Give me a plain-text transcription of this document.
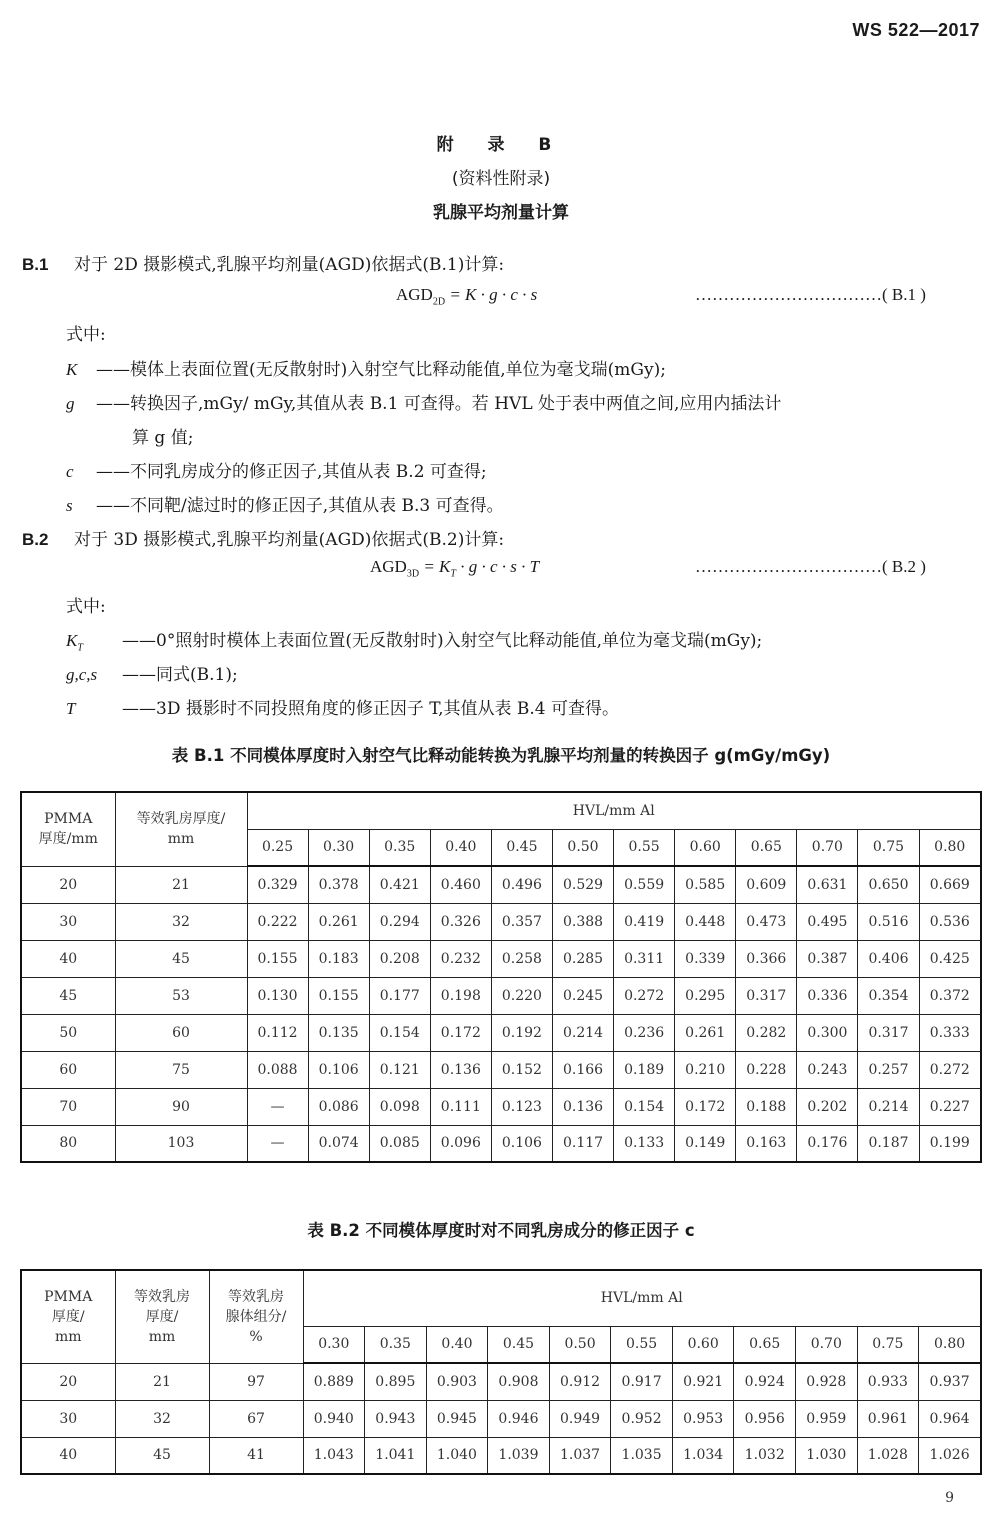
WS 522—2017
附 录 B
(资料性附录)
乳腺平均剂量计算
B.1 对于 2D 摄影模式,乳腺平均剂量(AGD)依据式(B.1)计算:
$AGD_{2D} = K \cdot g \cdot c \cdot s$	……………………………( B.1 )
式中:
K ——模体上表面位置(无反散射时)入射空气比释动能值,单位为毫戈瑞(mGy);
g ——转换因子,mGy/ mGy,其值从表 B.1 可查得。若 HVL 处于表中两值之间,应用内插法计
算 g 值;
c ——不同乳房成分的修正因子,其值从表 B.2 可查得;
s ——不同靶/滤过时的修正因子,其值从表 B.3 可查得。
B.2 对于 3D 摄影模式,乳腺平均剂量(AGD)依据式(B.2)计算:
$AGD_{3D} = K_T \cdot g \cdot c \cdot s \cdot T$	……………………………( B.2 )
式中:
$K_T$ ——0°照射时模体上表面位置(无反散射时)入射空气比释动能值,单位为毫戈瑞(mGy);
g,c,s ——同式(B.1);
T	——3D 摄影时不同投照角度的修正因子 T,其值从表 B.4 可查得。
表 B.1 不同模体厚度时入射空气比释动能转换为乳腺平均剂量的转换因子 g(mGy/mGy)
PMMA
厚度/mm	等效乳房厚度/
mm	HVL/mm Al											
		0.25	0.30	0.35	0.40	0.45	0.50	0.55	0.60	0.65	0.70	0.75	0.80
20	21	0.329	0.378	0.421	0.460	0.496	0.529	0.559	0.585	0.609	0.631	0.650	0.669
30	32	0.222	0.261	0.294	0.326	0.357	0.388	0.419	0.448	0.473	0.495	0.516	0.536
40	45	0.155	0.183	0.208	0.232	0.258	0.285	0.311	0.339	0.366	0.387	0.406	0.425
45	53	0.130	0.155	0.177	0.198	0.220	0.245	0.272	0.295	0.317	0.336	0.354	0.372
50	60	0.112	0.135	0.154	0.172	0.192	0.214	0.236	0.261	0.282	0.300	0.317	0.333
60	75	0.088	0.106	0.121	0.136	0.152	0.166	0.189	0.210	0.228	0.243	0.257	0.272
70	90	—	0.086	0.098	0.111	0.123	0.136	0.154	0.172	0.188	0.202	0.214	0.227
80	103	—	0.074	0.085	0.096	0.106	0.117	0.133	0.149	0.163	0.176	0.187	0.199
表 B.2 不同模体厚度时对不同乳房成分的修正因子 c
PMMA
厚度/
mm	等效乳房
厚度/
mm	等效乳房
腺体组分/
%	HVL/mm Al										
			0.30	0.35	0.40	0.45	0.50	0.55	0.60	0.65	0.70	0.75	0.80
20	21	97	0.889	0.895	0.903	0.908	0.912	0.917	0.921	0.924	0.928	0.933	0.937
30	32	67	0.940	0.943	0.945	0.946	0.949	0.952	0.953	0.956	0.959	0.961	0.964
40	45	41	1.043	1.041	1.040	1.039	1.037	1.035	1.034	1.032	1.030	1.028	1.026
9
